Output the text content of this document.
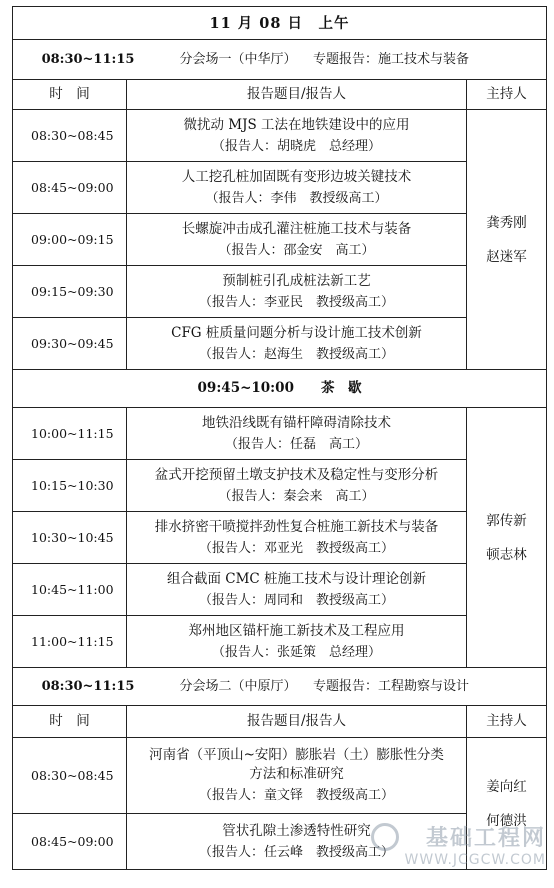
11 月 08 日　上午		
08:30~11:15 分会场一（中华厅） 专题报告：施工技术与装备		
时　间	报告题目/报告人	主持人
08:30~08:45	微扰动 MJS 工法在地铁建设中的应用
（报告人：胡晓虎　总经理）	龚秀刚
赵迷军
08:45~09:00	人工挖孔桩加固既有变形边坡关键技术
（报告人：李伟　教授级高工）	

09:00~09:15	长螺旋冲击成孔灌注桩施工技术与装备
（报告人：邵金安　高工）	

09:15~09:30	预制桩引孔成桩法新工艺
（报告人：李亚民　教授级高工）	

09:30~09:45	CFG 桩质量问题分析与设计施工技术创新
（报告人：赵海生　教授级高工）	

09:45~10:00　　 茶　歇		
10:00~11:15	地铁沿线既有锚杆障碍清除技术
（报告人：任磊　高工）	郭传新
顿志林
10:15~10:30	盆式开挖预留土墩支护技术及稳定性与变形分析
（报告人：秦会来　高工）	

10:30~10:45	排水挤密干喷搅拌劲性复合桩施工新技术与装备
（报告人：邓亚光　教授级高工）	

10:45~11:00	组合截面 CMC 桩施工技术与设计理论创新
（报告人：周同和　教授级高工）	

11:00~11:15	郑州地区锚杆施工新技术及工程应用
（报告人：张延策　总经理）	

08:30~11:15 分会场二（中原厅） 专题报告：工程勘察与设计		
时　间	报告题目/报告人	主持人
08:30~08:45	河南省（平顶山~安阳）膨胀岩（土）膨胀性分类
方法和标准研究
（报告人：童文铎　教授级高工）	姜向红
何德洪
08:45~09:00	管状孔隙土渗透特性研究
（报告人：任云峰　教授级高工）	
基础工程网
WWW.JCGCW.COM
